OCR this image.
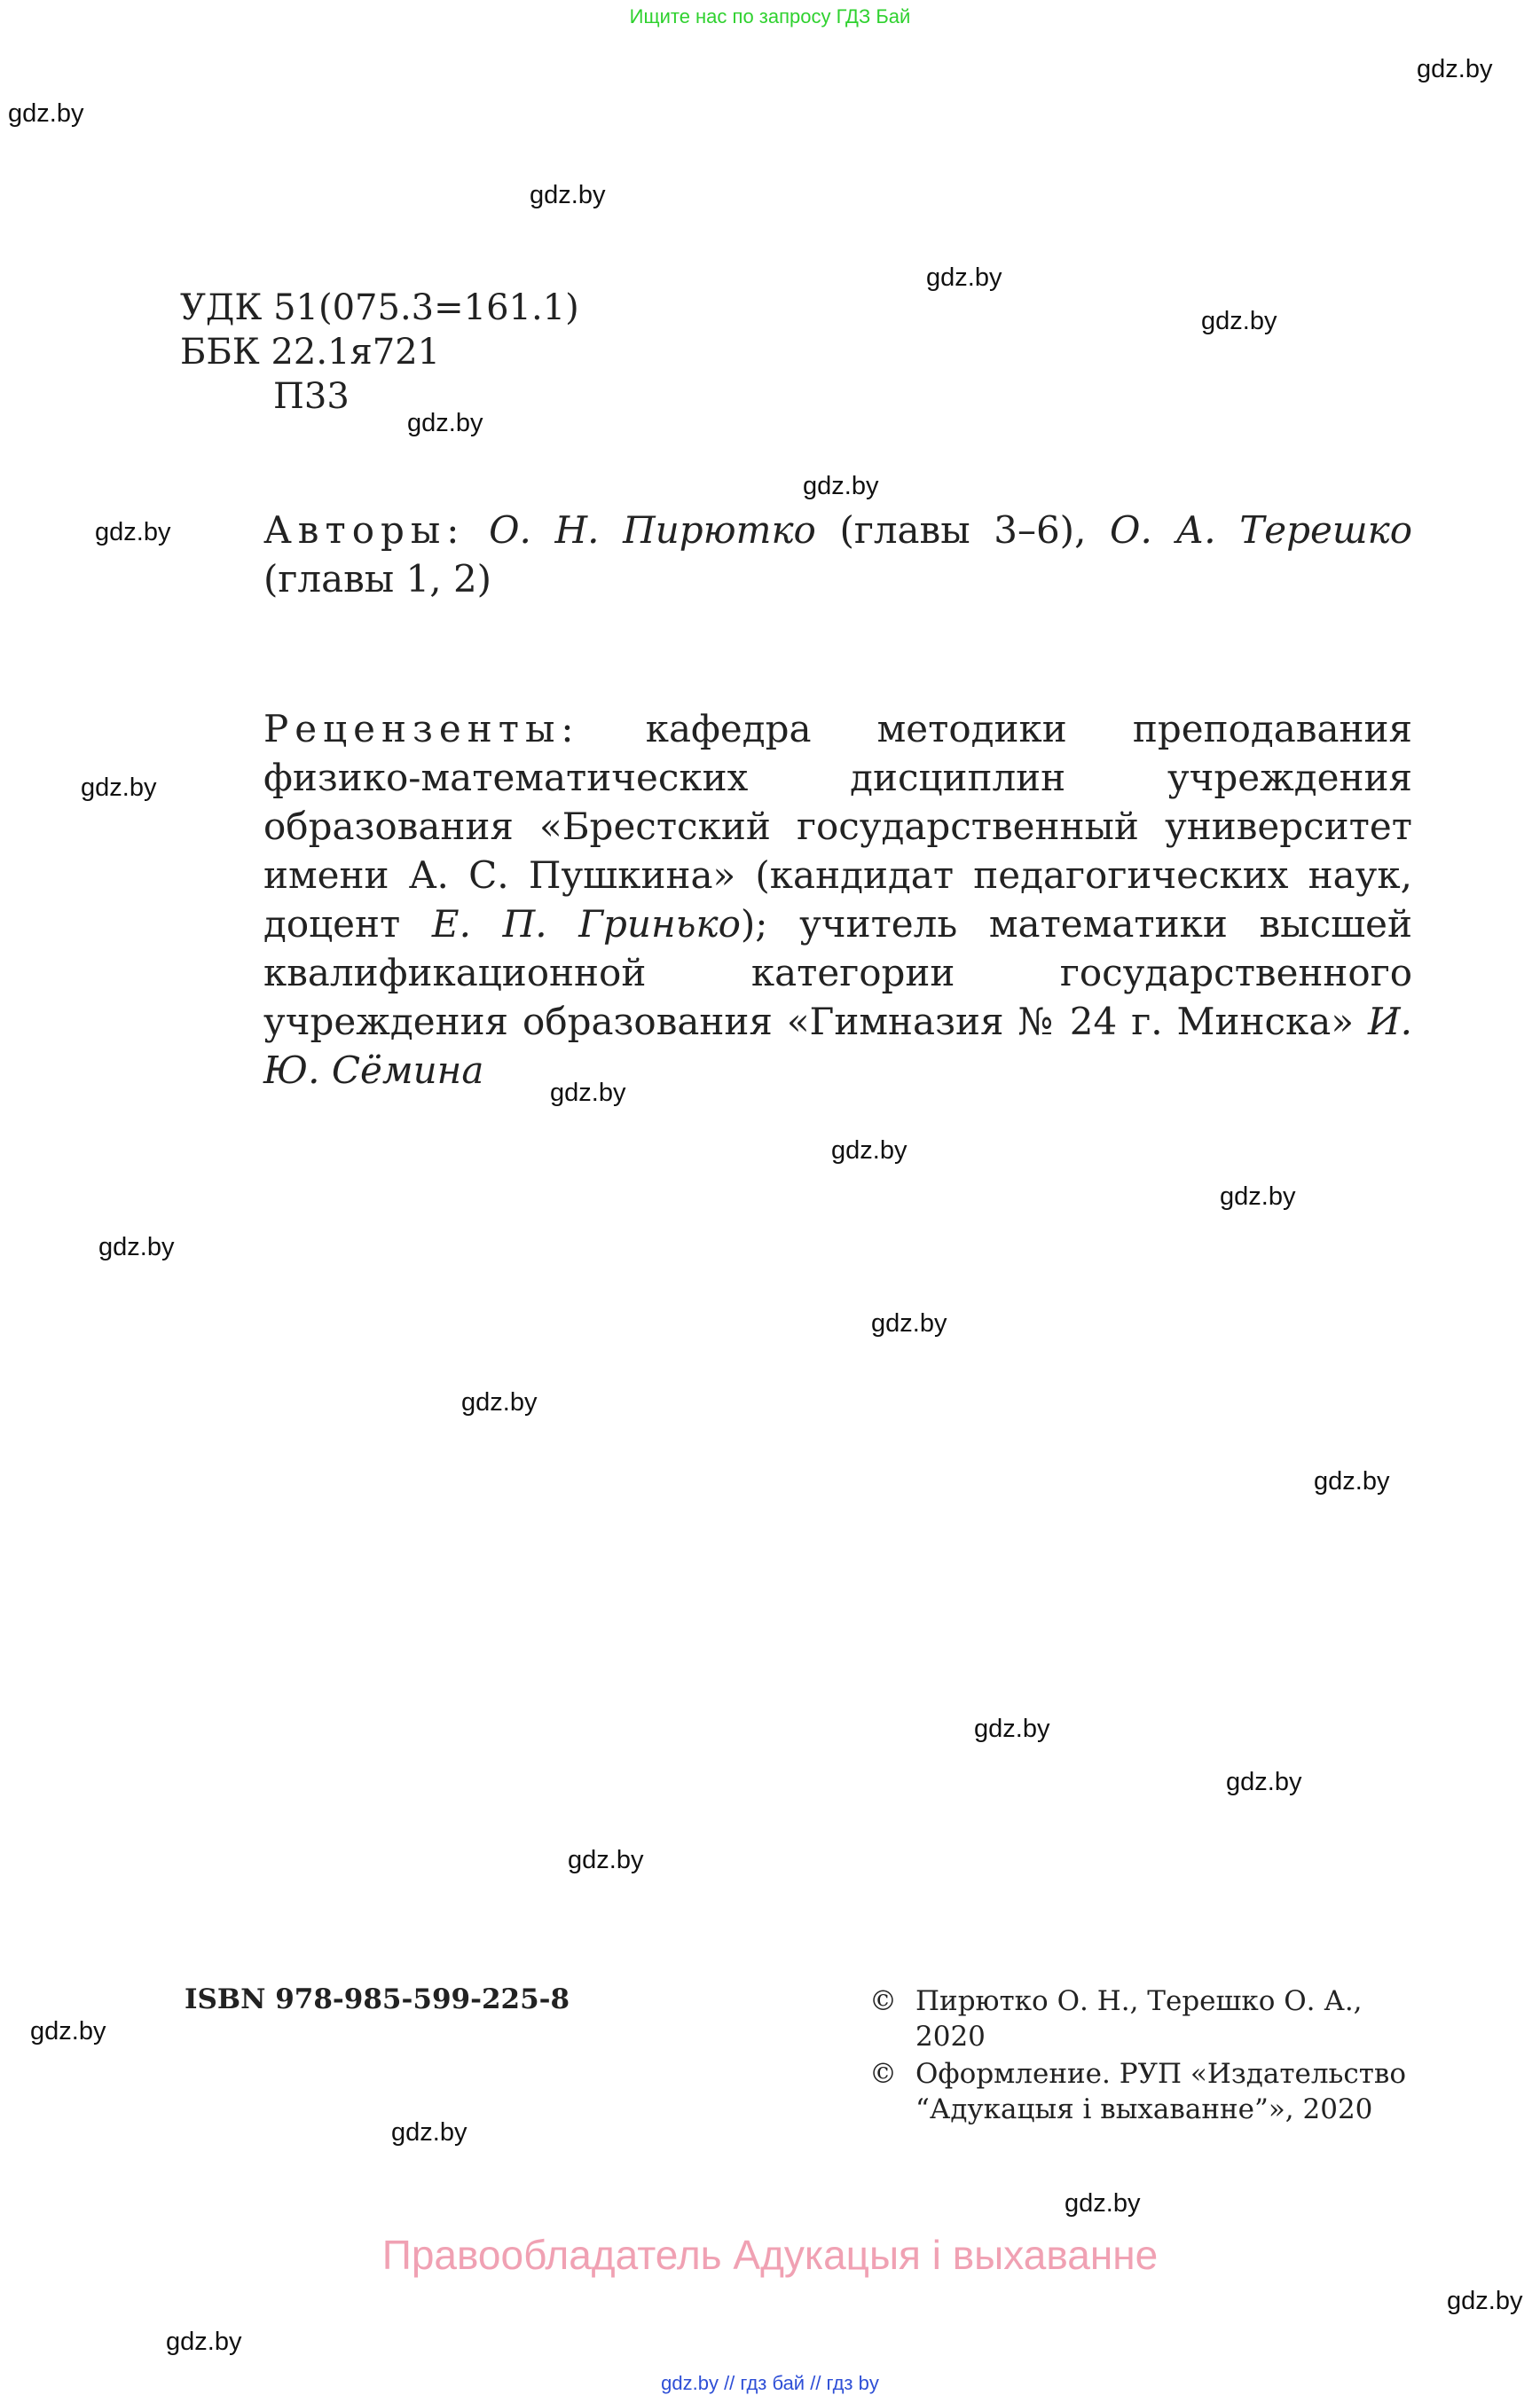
Ищите нас по запросу ГДЗ Бай
gdz.by
gdz.by
gdz.by
gdz.by
gdz.by
gdz.by
gdz.by
gdz.by
gdz.by
gdz.by
gdz.by
gdz.by
gdz.by
gdz.by
gdz.by
gdz.by
gdz.by
gdz.by
gdz.by
gdz.by
gdz.by
gdz.by
gdz.by
gdz.by
УДК 51(075.3=161.1)
ББК 22.1я721
П33
Авторы: О. Н. Пирютко (главы 3–6), О. А. Терешко (главы 1, 2)
Рецензенты: кафедра методики преподавания физико-математических дисциплин учреждения образования «Брестский государственный университет имени А. С. Пушкина» (кандидат педагогических наук, доцент Е. П. Гринько); учитель математики высшей квалификационной категории государственного учреждения образования «Гимназия № 24 г. Минска» И. Ю. Сёмина
ISBN 978-985-599-225-8	© Пирютко О. Н., Терешко О. А., 2020
© Оформление. РУП «Издательство “Адукацыя і выхаванне”», 2020
Правообладатель Адукацыя і выхаванне
gdz.by // гдз бай // гдз by
